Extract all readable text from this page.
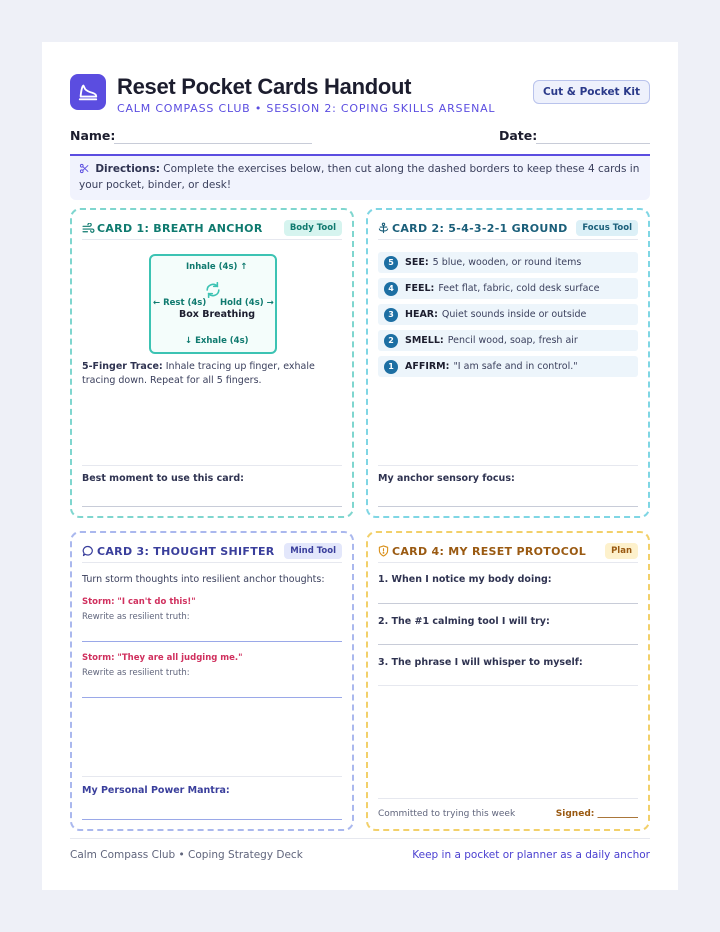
Reset Pocket Cards Handout
CALM COMPASS CLUB • SESSION 2: COPING SKILLS ARSENAL
Cut & Pocket Kit
Name:	Date:
Directions: Complete the exercises below, then cut along the dashed borders to keep these 4 cards in your pocket, binder, or desk!
CARD 1: BREATH ANCHOR	Body Tool
Inhale (4s) ↑
← Rest (4s) Hold (4s) →
Box Breathing
↓ Exhale (4s)
5-Finger Trace: Inhale tracing up finger, exhale tracing down. Repeat for all 5 fingers.
Best moment to use this card:
CARD 2: 5-4-3-2-1 GROUND	Focus Tool
5	SEE: 5 blue, wooden, or round items
4	FEEL: Feet flat, fabric, cold desk surface
3	HEAR: Quiet sounds inside or outside
2	SMELL: Pencil wood, soap, fresh air
1	AFFIRM: "I am safe and in control."
My anchor sensory focus:
CARD 3: THOUGHT SHIFTER	Mind Tool
Turn storm thoughts into resilient anchor thoughts:
Storm: "I can't do this!"
Rewrite as resilient truth:
Storm: "They are all judging me."
Rewrite as resilient truth:
My Personal Power Mantra:
CARD 4: MY RESET PROTOCOL	Plan
1. When I notice my body doing:
2. The #1 calming tool I will try:
3. The phrase I will whisper to myself:
Committed to trying this week	Signed: _________
Calm Compass Club • Coping Strategy Deck	Keep in a pocket or planner as a daily anchor
